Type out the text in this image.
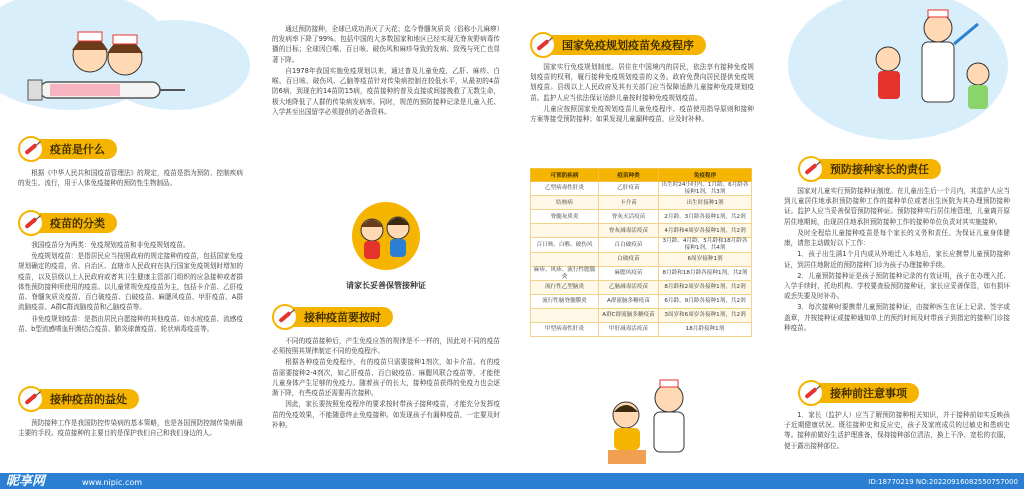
疫苗是什么

根据《中华人民共和国疫苗管理法》的规定，疫苗是指为预防、控制疾病的发生、流行，用于人体免疫接种的预防性生物制品。

疫苗的分类

我国疫苗分为两类：免疫规划疫苗和非免疫规划疫苗。

免疫规划疫苗：是指居民应当按照政府的规定接种的疫苗，包括国家免疫规划确定的疫苗，省、自治区、直辖市人民政府在执行国家免疫规划时增加的疫苗，以及县级以上人民政府或者其卫生健康主管部门组织的应急接种或者群体性预防接种所使用的疫苗。以儿童常规免疫疫苗为主，包括卡介苗、乙肝疫苗、脊髓灰质炎疫苗、百白破疫苗、白破疫苗、麻腮风疫苗、甲肝疫苗、A群流脑疫苗、A群C群流脑疫苗和乙脑疫苗等。

非免疫规划疫苗：是指由居民自愿接种的其他疫苗。如水痘疫苗、流感疫苗、b型流感嗜血杆菌结合疫苗、肺炎球菌疫苗、轮状病毒疫苗等。

接种疫苗的益处

预防接种工作是我国防控传染病的基本策略，也是各国预防控制传染病最主要的手段。疫苗接种的主要目的是保护我们自己和我们身边的人。

通过预防接种，全球已成功消灭了天花；迄今脊髓灰质炎（俗称小儿麻痹）的发病率下降了99%。包括中国的大多数国家和地区已经实现无脊灰野病毒传播的目标；全球因白喉、百日咳、破伤风和麻疹导致的发病、致残与死亡也显著下降。

自1978年我国实施免疫规划以来，通过普及儿童免疫，乙肝、麻疹、白喉、百日咳、破伤风、乙脑等疫苗针对传染病控制在较低水平，从最初的4苗防6病，到现在的14苗防15病，疫苗接种的普及直接或间接挽救了无数生命，极大地降低了人群的传染病发病率。同时，规范的预防接种记录是儿童入托、入学甚至出国留学必须提供的必备资料。

请家长妥善保管接种证
接种疫苗要按时

不同的疫苗接种后，产生免疫应答的规律是不一样的，因此对不同的疫苗必须按照其规律制定不同的免疫程序。

根据各种疫苗免疫程序，有的疫苗只需要接种1剂次，如卡介苗。有的疫苗需要接种2-4剂次，如乙肝疫苗、百白破疫苗、麻腮风联合疫苗等，才能使儿童身体产生足够的免疫力。随着孩子的长大，接种疫苗获得的免疫力也会逐渐下降，有些疫苗还需要再次接种。

因此，家长要按照免疫程序的要求按时带孩子接种疫苗，才能充分发挥疫苗的免疫效果，不能随意终止免疫接种。如发现孩子有漏种疫苗，一定要及时补种。

国家免疫规划疫苗免疫程序

国家实行免疫规划制度。居住在中国境内的居民，依法享有接种免疫规划疫苗的权利，履行接种免疫规划疫苗的义务。政府免费向居民提供免疫规划疫苗。县级以上人民政府及其有关部门应当保障适龄儿童接种免疫规划疫苗。监护人应当依法保证适龄儿童按时接种免疫规划疫苗。

儿童应按照国家免疫规划疫苗儿童免疫程序、疫苗使用指导原则和接种方案等接受预防接种；如果发现儿童漏种疫苗，应及时补种。

可预防疾病	疫苗种类	免疫程序
乙型病毒性肝炎	乙肝疫苗	出生时24小时内、1月龄、6月龄各接种1剂，共3剂
结核病	卡介苗	出生时接种1剂
脊髓灰质炎	脊灰灭活疫苗	2月龄、3月龄各接种1剂，共2剂
	脊灰减毒活疫苗	4月龄和4周岁各接种1剂，共2剂
百日咳、白喉、破伤风	百白破疫苗	3月龄、4月龄、5月龄和18月龄各接种1剂，共4剂
	白破疫苗	6周岁接种1剂
麻疹、风疹、流行性腮腺炎	麻腮风疫苗	8月龄和18月龄各接种1剂，共2剂
流行性乙型脑炎	乙脑减毒活疫苗	8月龄和2周岁各接种1剂，共2剂
流行性脑脊髓膜炎	A群流脑多糖疫苗	6月龄、9月龄各接种1剂，共2剂
	A群C群流脑多糖疫苗	3周岁和6周岁各接种1剂，共2剂
甲型病毒性肝炎	甲肝减毒活疫苗	18月龄接种1剂
预防接种家长的责任

国家对儿童实行预防接种证制度。在儿童出生后一个月内，其监护人应当到儿童居住地承担预防接种工作的接种单位或者出生医院为其办理预防接种证。监护人应当妥善保管预防接种证。预防接种实行居住地管理，儿童离开原居住地期间，由现居住地承担预防接种工作的接种单位负责对其实施接种。

及时全程给儿童接种疫苗是每个家长的义务和责任。为保证儿童身体健康，请您主动做好以下工作：

1．孩子出生满1个月内或从外地迁入本地后，家长应携带儿童预防接种证，到居住地附近的预防接种门诊为孩子办理接种手续。

2．儿童预防接种证是孩子预防接种记录的有效证明，孩子在办理入托、入学手续时，托幼机构、学校要查验预防接种证，家长应妥善保管，如有损坏或丢失要及时补办。

3．每次接种时要携带儿童预防接种证，由接种医生在证上记录、签字或盖章，并按接种证或接种通知单上的预约时间及时带孩子到指定的接种门诊接种疫苗。

接种前注意事项

1．家长（监护人）应当了解预防接种相关知识，并于接种前如实反映孩子近期健康状况、既往接种史和反应史，孩子及家庭成员的过敏史和患病史等。接种前做好生活护理准备，保持接种部位清洁，换上干净、宽松的衣服，便于露出接种部位。

昵享网	www.nipic.com	ID:18770219 NO:20220916082550757000
